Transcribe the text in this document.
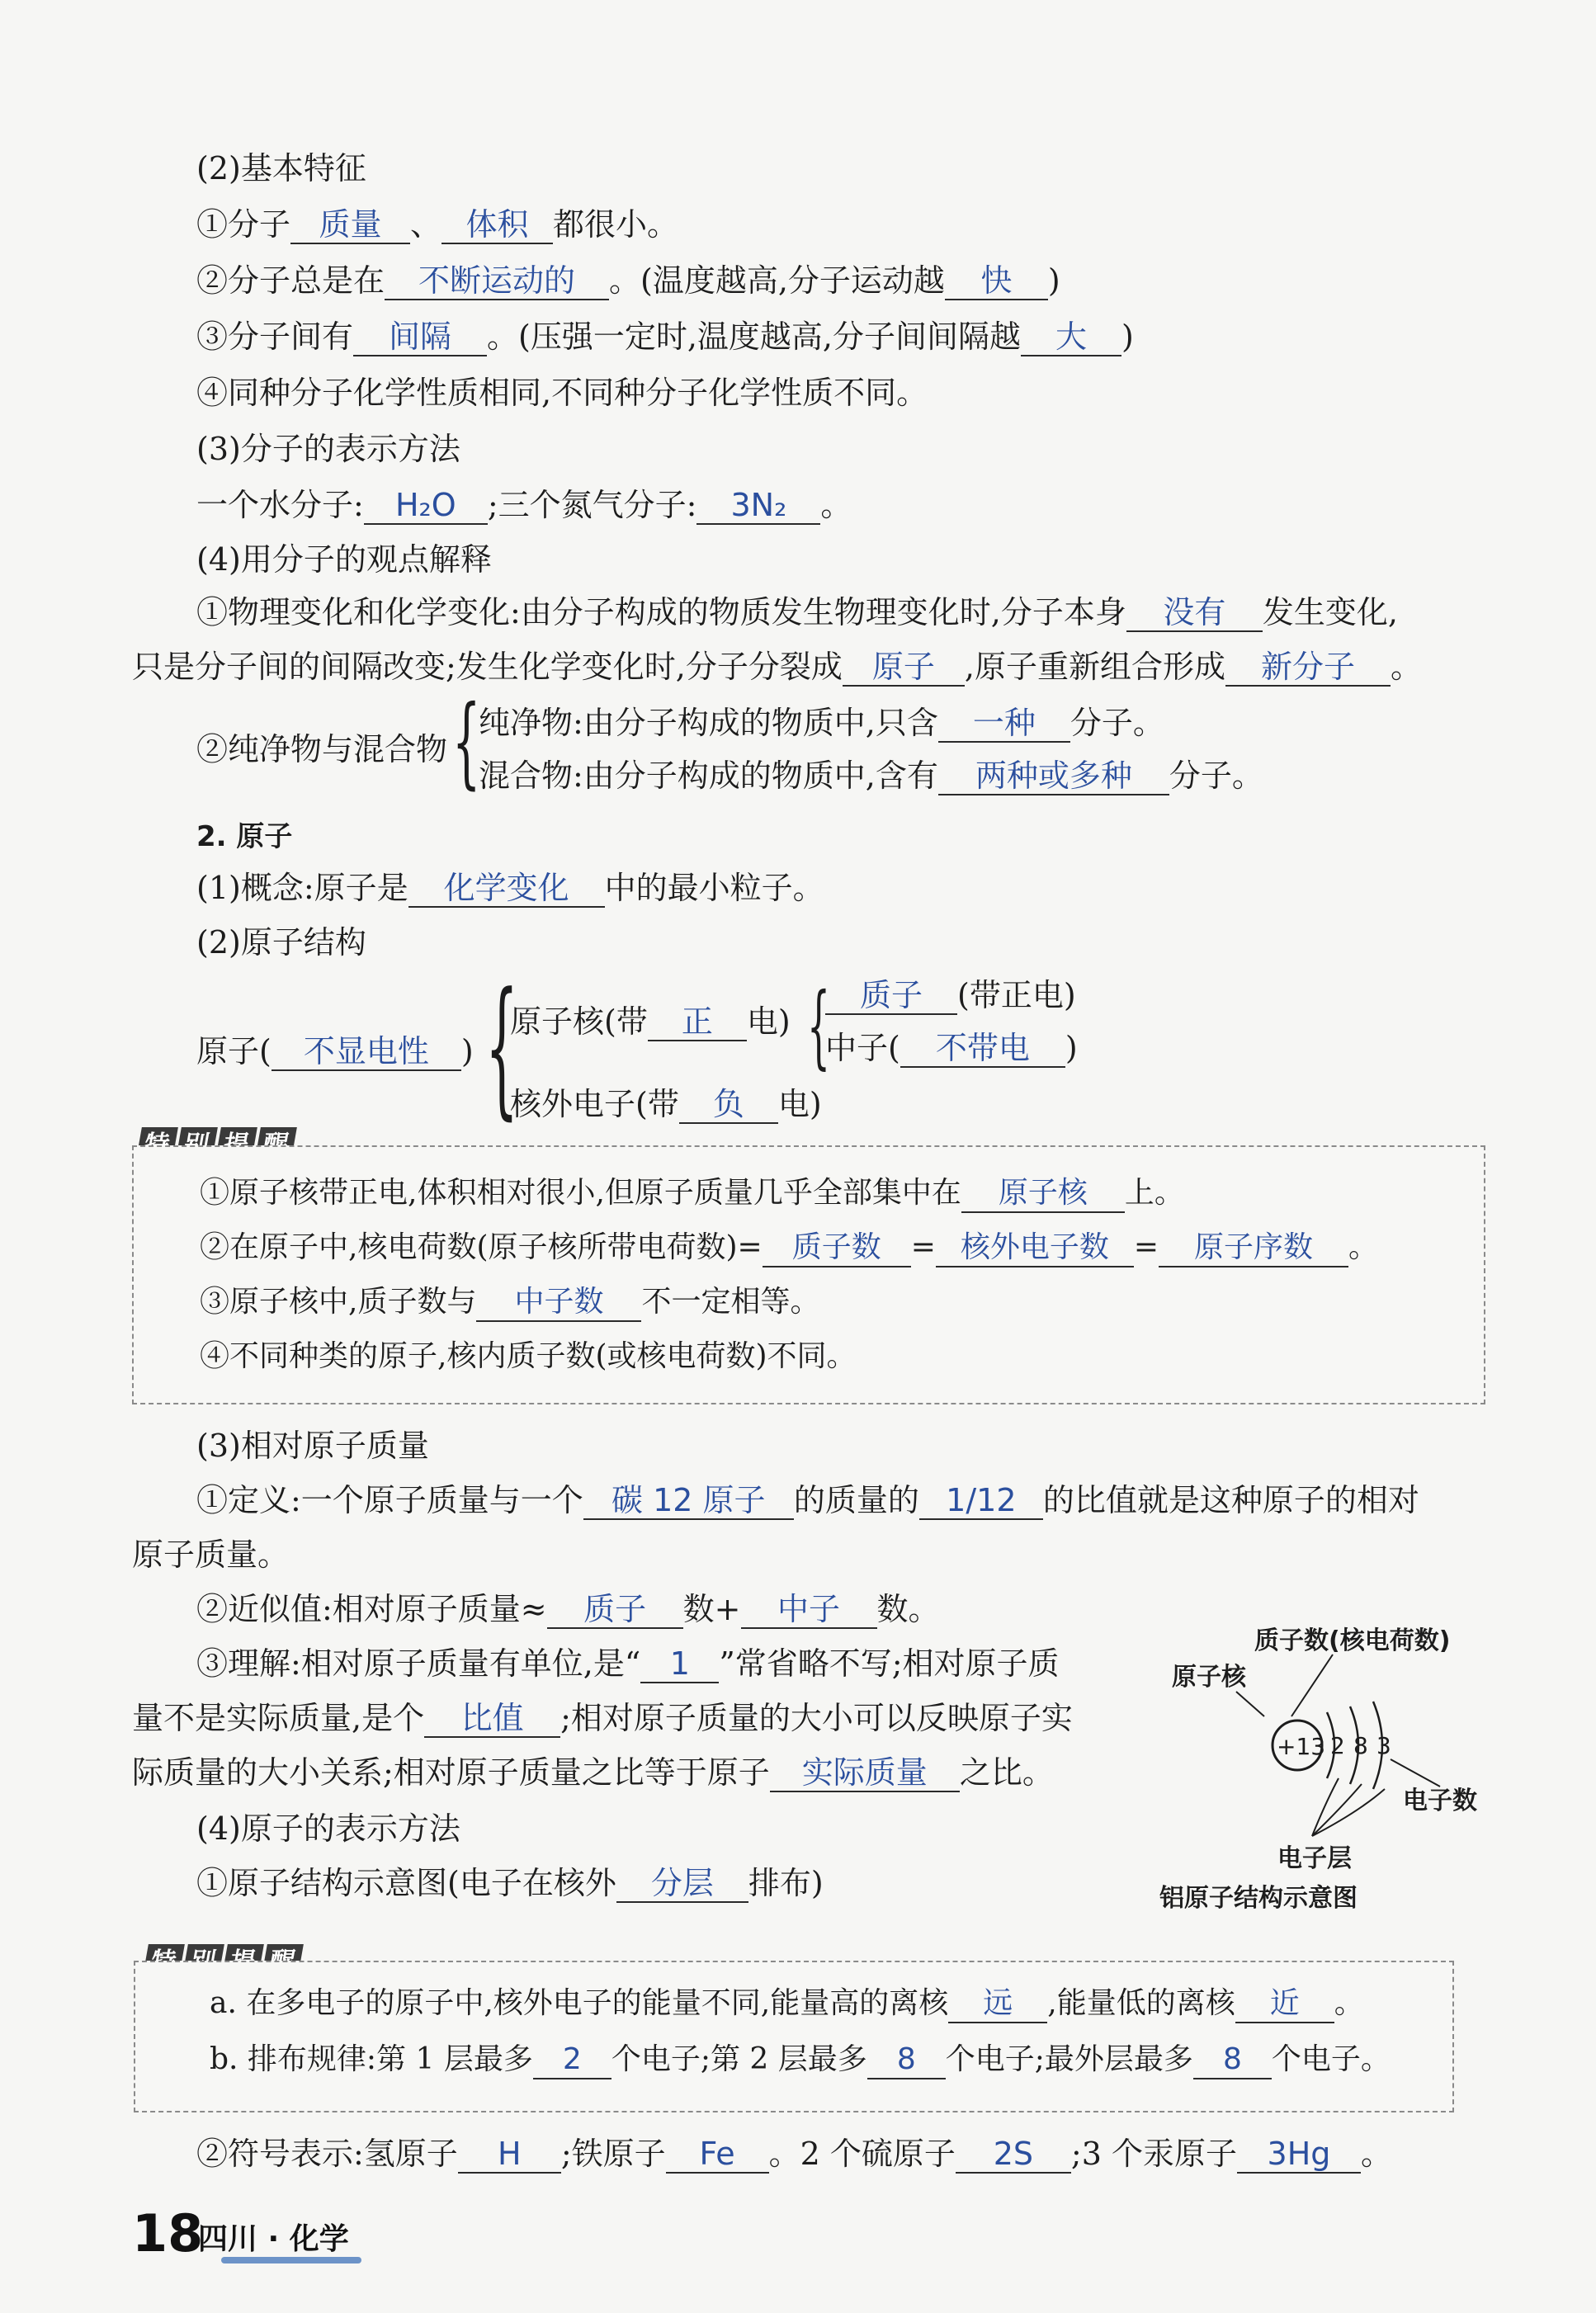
(2)基本特征
①分子 质量 、 体积 都很小。
②分子总是在 不断运动的 。(温度越高,分子运动越 快 )
③分子间有 间隔 。(压强一定时,温度越高,分子间间隔越 大 )
④同种分子化学性质相同,不同种分子化学性质不同。
(3)分子的表示方法
一个水分子: H₂O ;三个氮气分子: 3N₂ 。
(4)用分子的观点解释
①物理变化和化学变化:由分子构成的物质发生物理变化时,分子本身 没有 发生变化,
只是分子间的间隔改变;发生化学变化时,分子分裂成 原子 ,原子重新组合形成 新分子 。
②纯净物与混合物 {
纯净物:由分子构成的物质中,只含 一种 分子。
混合物:由分子构成的物质中,含有 两种或多种 分子。
2. 原子
(1)概念:原子是 化学变化 中的最小粒子。
(2)原子结构
原子( 不显电性 ) {
原子核(带 正 电) { 质子 (带正电)
中子( 不带电 )
核外电子(带 负 电)
①原子核带正电,体积相对很小,但原子质量几乎全部集中在 原子核 上。
②在原子中,核电荷数(原子核所带电荷数)= 质子数 = 核外电子数 = 原子序数 。
③原子核中,质子数与 中子数 不一定相等。
④不同种类的原子,核内质子数(或核电荷数)不同。
(3)相对原子质量
①定义:一个原子质量与一个 碳 12 原子 的质量的 1/12 的比值就是这种原子的相对
原子质量。
②近似值:相对原子质量≈ 质子 数+ 中子 数。
③理解:相对原子质量有单位,是“ 1 ”常省略不写;相对原子质
量不是实际质量,是个 比值 ;相对原子质量的大小可以反映原子实
际质量的大小关系;相对原子质量之比等于原子 实际质量 之比。
(4)原子的表示方法
①原子结构示意图(电子在核外 分层 排布)
质子数(核电荷数)
原子核
+13 2 8 3
电子数
电子层
铝原子结构示意图
a. 在多电子的原子中,核外电子的能量不同,能量高的离核 远 ,能量低的离核 近 。
b. 排布规律:第 1 层最多 2 个电子;第 2 层最多 8 个电子;最外层最多 8 个电子。
②符号表示:氢原子 H ;铁原子 Fe 。2 个硫原子 2S ;3 个汞原子 3Hg 。
18
四川 · 化学
